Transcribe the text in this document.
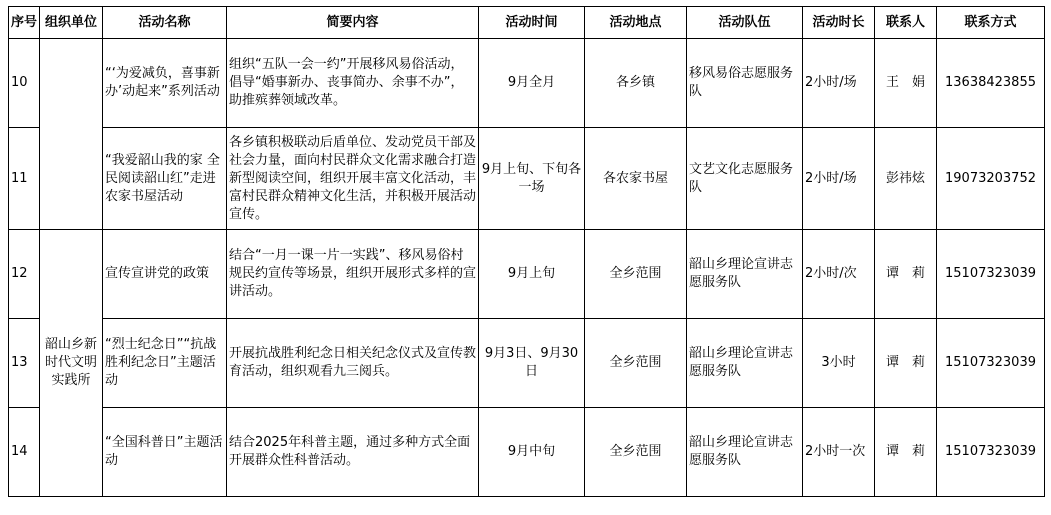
序号	组织单位	活动名称	简要内容	活动时间	活动地点	活动队伍	活动时长	联系人	联系方式
10		“‘为爱减负，喜事新办’动起来”系列活动	组织“五队一会一约”开展移风易俗活动，倡导“婚事新办、丧事简办、余事不办”，助推殡葬领域改革。	9月全月	各乡镇	移风易俗志愿服务队	2小时/场	王　娟	13638423855
11		“我爱韶山我的家 全民阅读韶山红”走进农家书屋活动	各乡镇积极联动后盾单位、发动党员干部及社会力量，面向村民群众文化需求融合打造新型阅读空间，组织开展丰富文化活动，丰富村民群众精神文化生活，并积极开展活动宣传。	9月上旬、下旬各一场	各农家书屋	文艺文化志愿服务队	2小时/场	彭祎炫	19073203752
12	韶山乡新时代文明实践所	宣传宣讲党的政策	结合“一月一课一片一实践”、移风易俗村规民约宣传等场景，组织开展形式多样的宣讲活动。	9月上旬	全乡范围	韶山乡理论宣讲志愿服务队	2小时/次	谭　莉	15107323039
13		“烈士纪念日”“抗战胜利纪念日”主题活动	开展抗战胜利纪念日相关纪念仪式及宣传教育活动，组织观看九三阅兵。	9月3日、9月30日	全乡范围	韶山乡理论宣讲志愿服务队	3小时	谭　莉	15107323039
14		“全国科普日”主题活动	结合2025年科普主题，通过多种方式全面开展群众性科普活动。	9月中旬	全乡范围	韶山乡理论宣讲志愿服务队	2小时一次	谭　莉	15107323039
